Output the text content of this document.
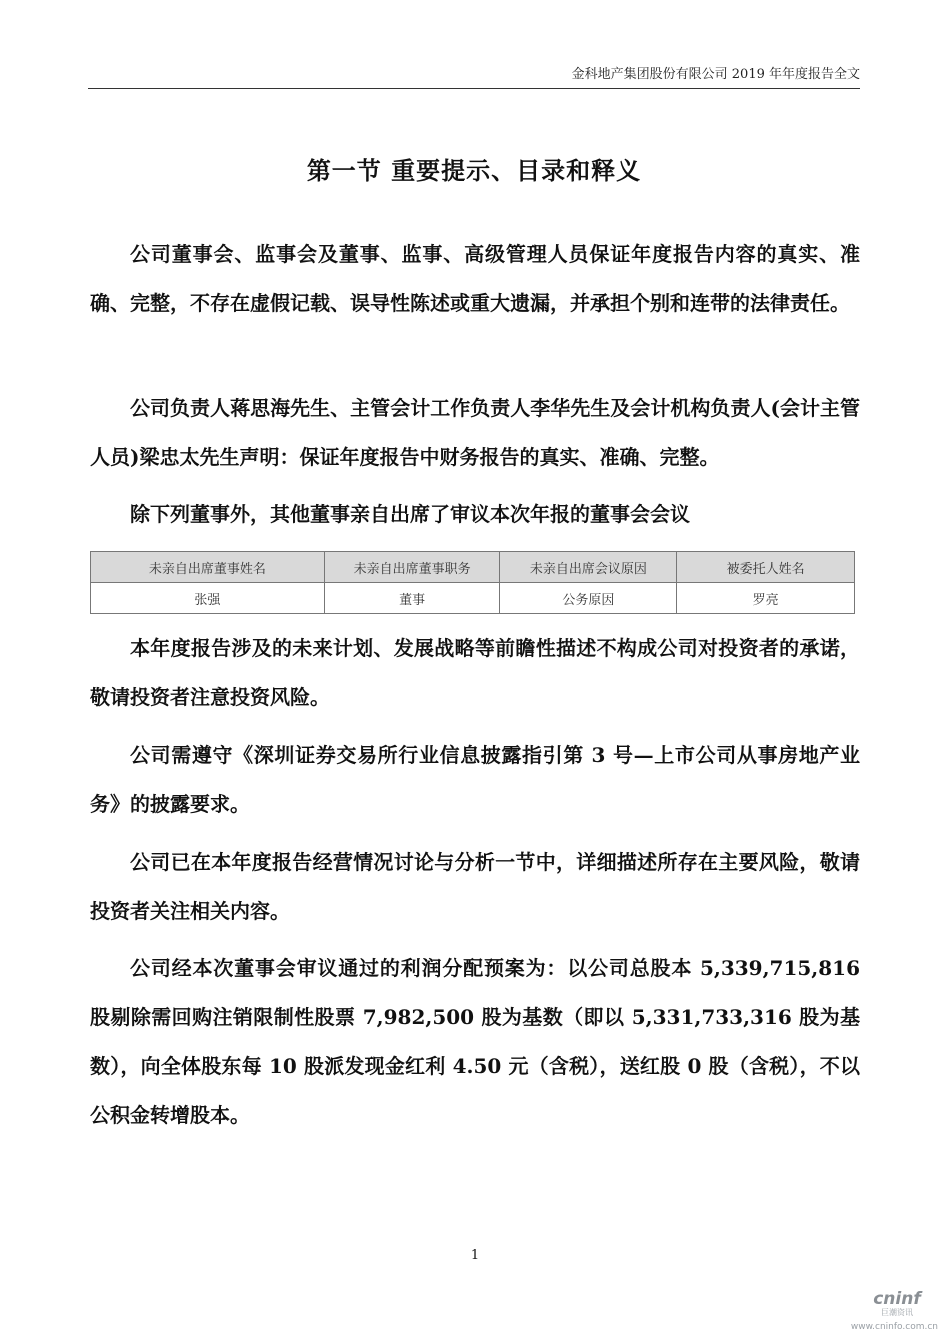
金科地产集团股份有限公司 2019 年年度报告全文
第一节 重要提示、目录和释义

公司董事会、监事会及董事、监事、高级管理人员保证年度报告内容的真实、准确、完整，不存在虚假记载、误导性陈述或重大遗漏，并承担个别和连带的法律责任。

公司负责人蒋思海先生、主管会计工作负责人李华先生及会计机构负责人(会计主管人员)梁忠太先生声明：保证年度报告中财务报告的真实、准确、完整。

除下列董事外，其他董事亲自出席了审议本次年报的董事会会议

未亲自出席董事姓名	未亲自出席董事职务	未亲自出席会议原因	被委托人姓名
张强	董事	公务原因	罗亮

本年度报告涉及的未来计划、发展战略等前瞻性描述不构成公司对投资者的承诺，敬请投资者注意投资风险。

公司需遵守《深圳证券交易所行业信息披露指引第 3 号—上市公司从事房地产业务》的披露要求。

公司已在本年度报告经营情况讨论与分析一节中，详细描述所存在主要风险，敬请投资者关注相关内容。

公司经本次董事会审议通过的利润分配预案为：以公司总股本 5,339,715,816 股剔除需回购注销限制性股票 7,982,500 股为基数（即以 5,331,733,316 股为基数），向全体股东每 10 股派发现金红利 4.50 元（含税），送红股 0 股（含税），不以公积金转增股本。

1
cninf
巨潮资讯
www.cninfo.com.cn
